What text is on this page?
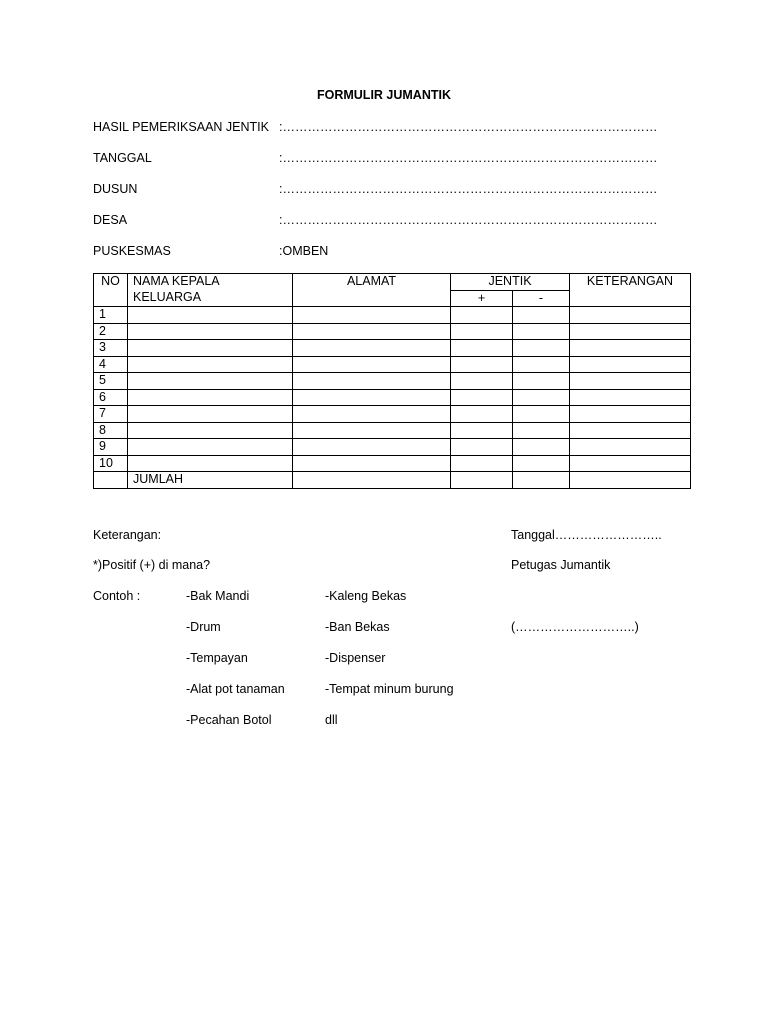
FORMULIR JUMANTIK
HASIL PEMERIKSAAN JENTIK :………………………………………………………………………………
TANGGAL	:………………………………………………………………………………
DUSUN	:………………………………………………………………………………
DESA	:………………………………………………………………………………
PUSKESMAS	:OMBEN
NO	NAMA KEPALA KELUARGA	ALAMAT	JENTIK		KETERANGAN
			+	-	
1					
2					
3					
4					
5					
6					
7					
8					
9					
10					
	JUMLAH				
Keterangan:
*)Positif (+) di mana?
Contoh :	-Bak Mandi
-Drum
-Tempayan
-Alat pot tanaman
-Pecahan Botol
-Kaleng Bekas
-Ban Bekas
-Dispenser
-Tempat minum burung
dll
Tanggal……………………..
Petugas Jumantik
(………………………..)
